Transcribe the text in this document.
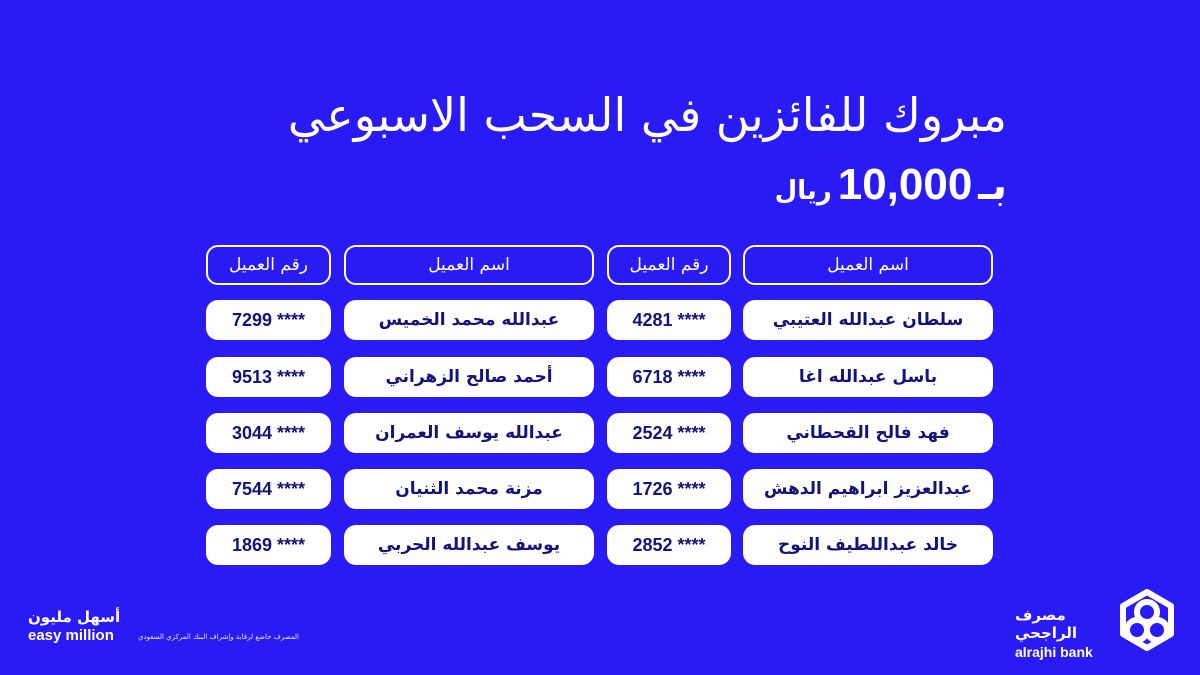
مبروك للفائزين في السحب الاسبوعي
بـ
10,000
ريال
اسم العميل
رقم العميل
اسم العميل
رقم العميل
سلطان عبدالله العتيبي
4281 ****
عبدالله محمد الخميس
7299 ****
باسل عبدالله اغا
6718 ****
أحمد صالح الزهراني
9513 ****
فهد فالح القحطاني
2524 ****
عبدالله يوسف العمران
3044 ****
عبدالعزيز ابراهيم الدهش
1726 ****
مزنة محمد الثنيان
7544 ****
خالد عبداللطيف النوح
2852 ****
يوسف عبدالله الحربي
1869 ****
أسهل مليون
easy million	المصرف خاضع لرقابة وإشراف البنك المركزي السعودي
مصرف الراجحي
alrajhi bank
